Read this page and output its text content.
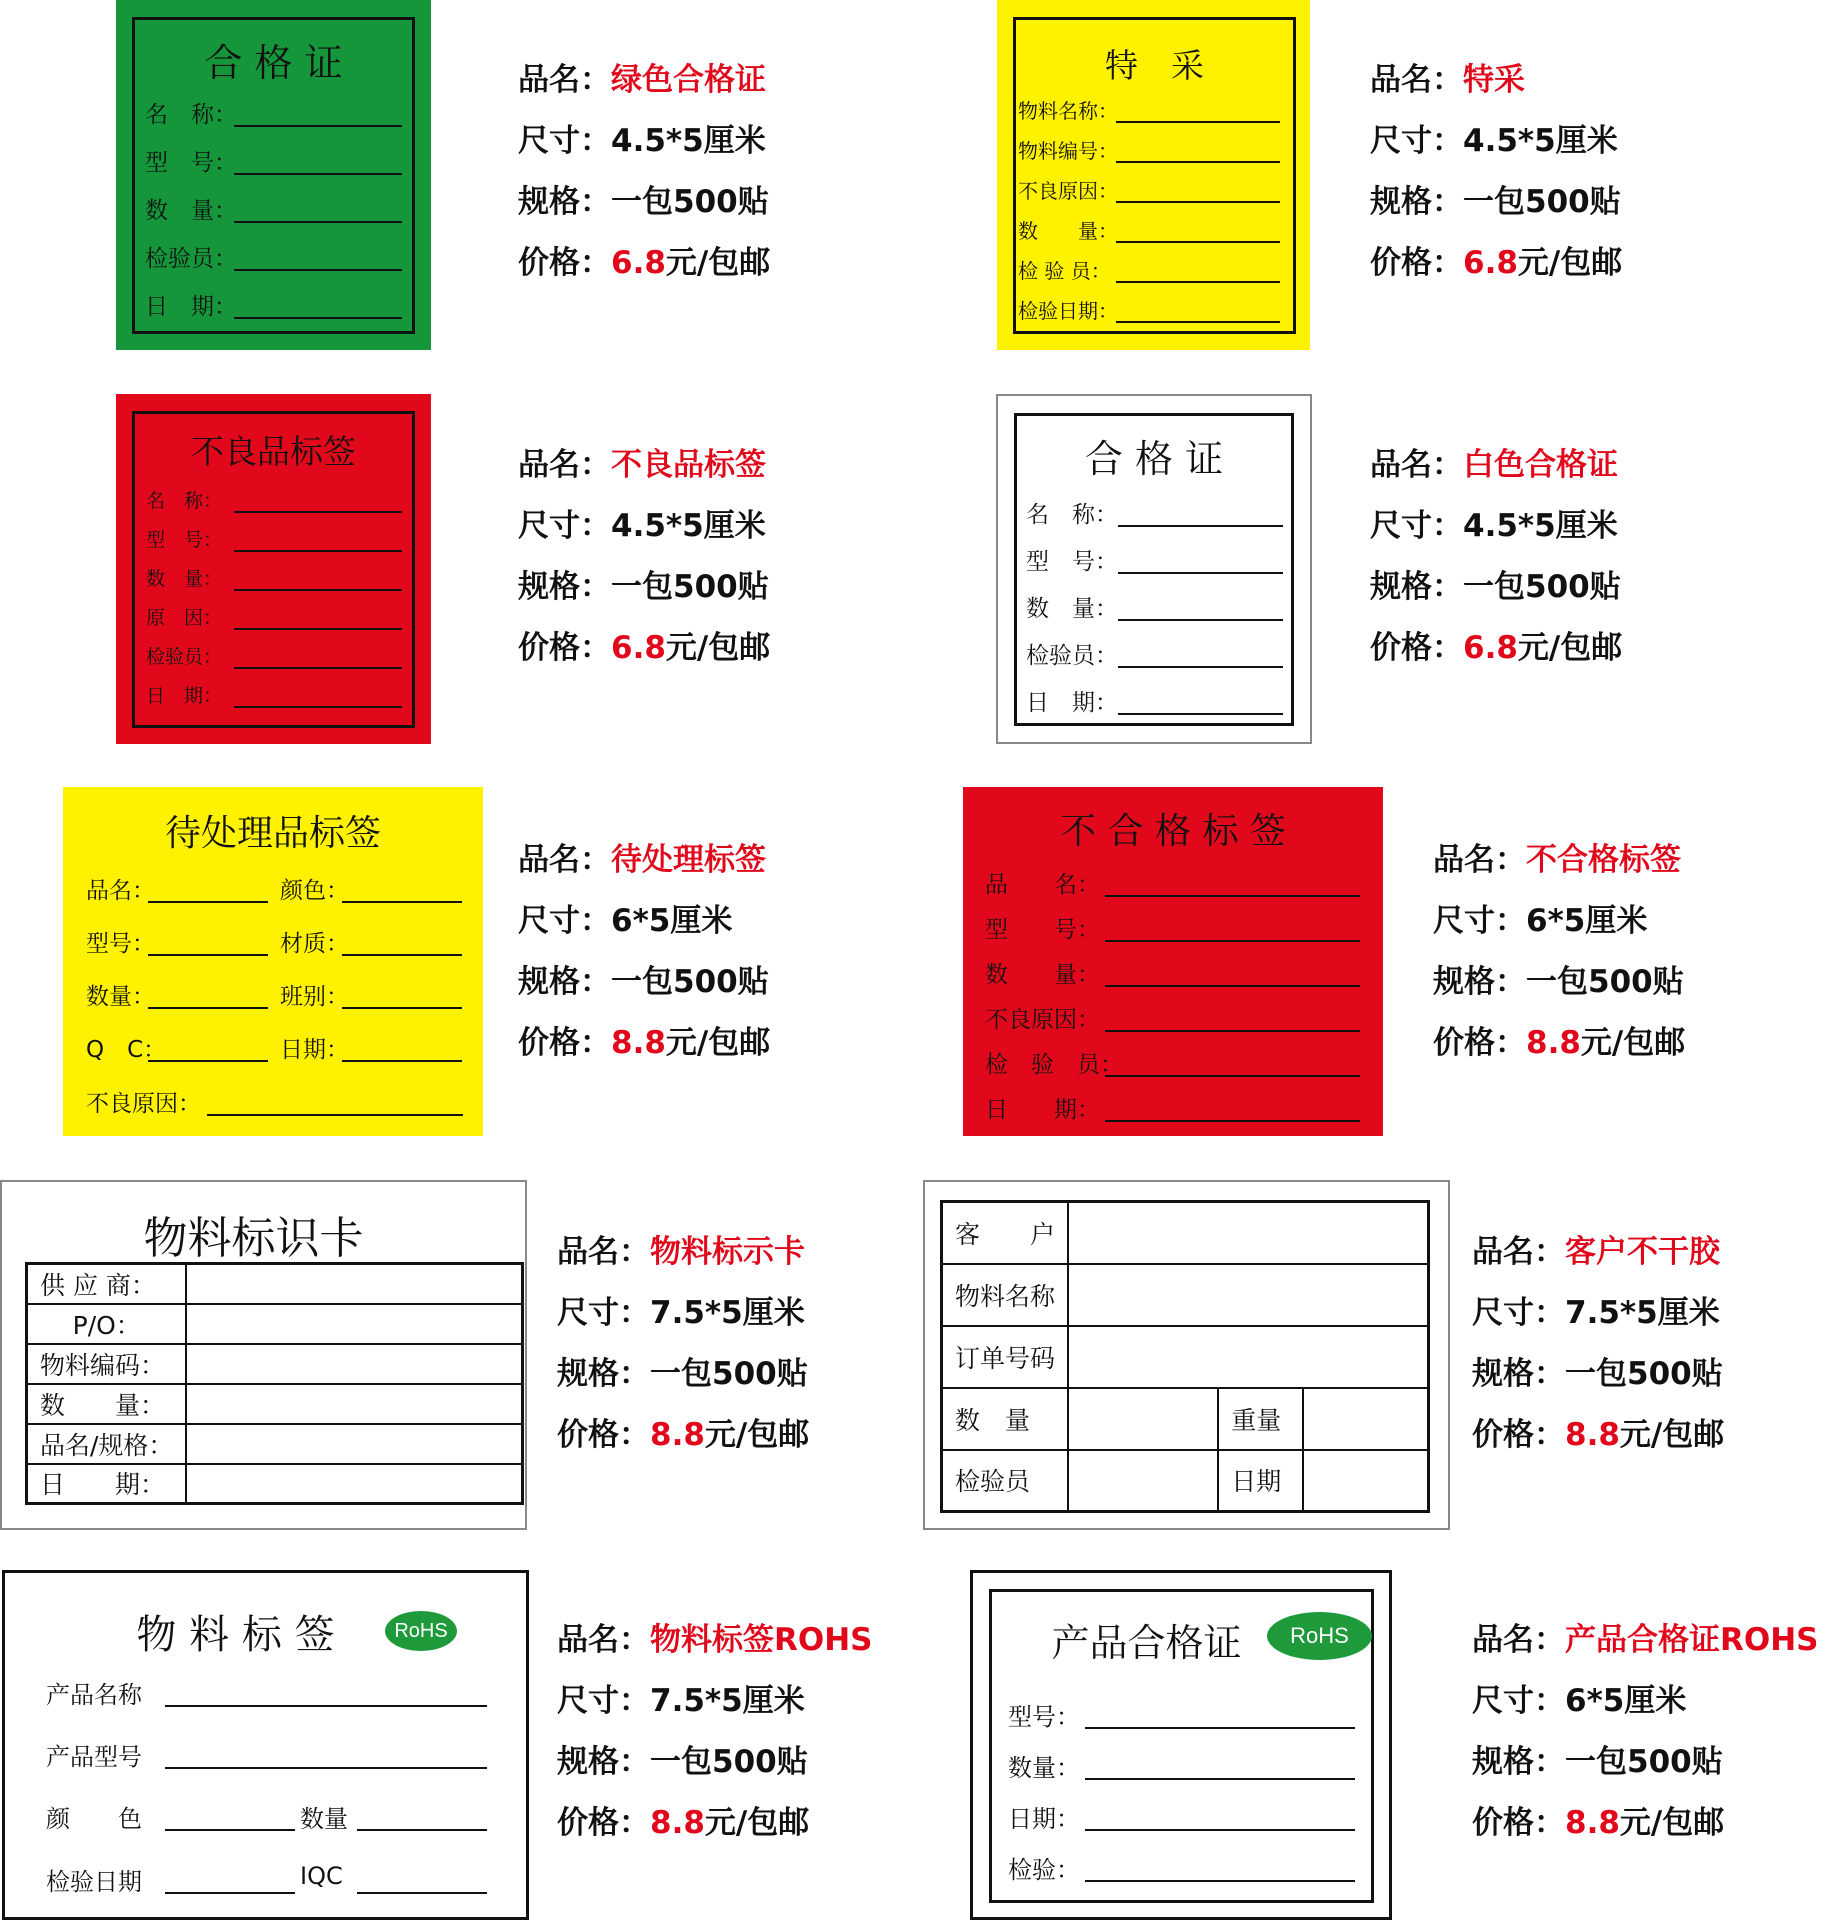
合 格 证	特　采
不良品标签	合 格 证
待处理品标签	不 合 格 标 签
物料标识卡
物 料 标 签	RoHS	产品合格证	RoHS
品名：绿色合格证
尺寸：4.5*5厘米
规格：一包500贴
价格：6.8元/包邮
品名：特采
尺寸：4.5*5厘米
规格：一包500贴
价格：6.8元/包邮
品名：不良品标签
尺寸：4.5*5厘米
规格：一包500贴
价格：6.8元/包邮
品名：白色合格证
尺寸：4.5*5厘米
规格：一包500贴
价格：6.8元/包邮
品名：待处理标签
尺寸：6*5厘米
规格：一包500贴
价格：8.8元/包邮
品名：不合格标签
尺寸：6*5厘米
规格：一包500贴
价格：8.8元/包邮
品名：物料标示卡
尺寸：7.5*5厘米
规格：一包500贴
价格：8.8元/包邮
品名：客户不干胶
尺寸：7.5*5厘米
规格：一包500贴
价格：8.8元/包邮
品名：物料标签ROHS
尺寸：7.5*5厘米
规格：一包500贴
价格：8.8元/包邮
品名：产品合格证ROHS
尺寸：6*5厘米
规格：一包500贴
价格：8.8元/包邮
名　称：
型　号：
数　量：
检验员：
日　期：
物料名称：
物料编号：
不良原因：
数　　量：
检 验 员：
检验日期：
名　称：
型　号：
数　量：
原　因：
检验员：
日　期：
名　称：
型　号：
数　量：
检验员：
日　期：
品名：	颜色：
型号：	材质：
数量：	班别：
Q　C：	日期：
不良原因：
品　　名：
型　　号：
数　　量：
不良原因：
检　验　员：
日　　期：
产品名称
产品型号
颜　　色	数量
检验日期	IQC
型号：
数量：
日期：
检验：
供 应 商：	
P/O：	
物料编码：	
数　　量：	
品名/规格：	
日　　期：	
客　　户			
物料名称			
订单号码			
数　量		重量	
检验员		日期	
